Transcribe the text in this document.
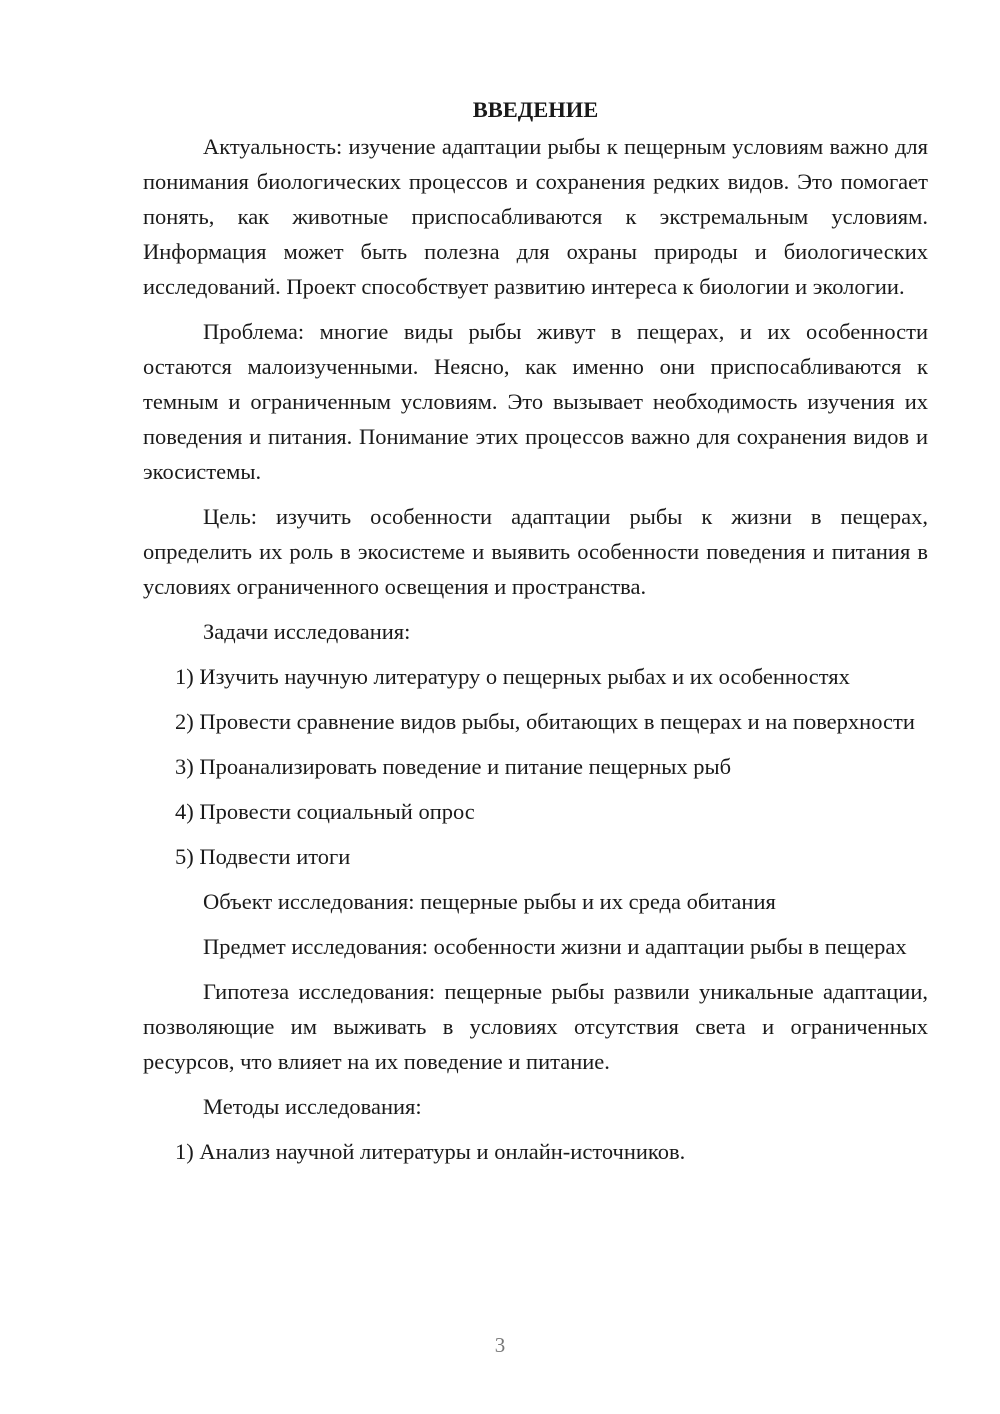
ВВЕДЕНИЕ

Актуальность: изучение адаптации рыбы к пещерным условиям важно для понимания биологических процессов и сохранения редких видов. Это помогает понять, как животные приспосабливаются к экстремальным условиям. Информация может быть полезна для охраны природы и биологических исследований. Проект способствует развитию интереса к биологии и экологии.

Проблема: многие виды рыбы живут в пещерах, и их особенности остаются малоизученными. Неясно, как именно они приспосабливаются к темным и ограниченным условиям. Это вызывает необходимость изучения их поведения и питания. Понимание этих процессов важно для сохранения видов и экосистемы.

Цель: изучить особенности адаптации рыбы к жизни в пещерах, определить их роль в экосистеме и выявить особенности поведения и питания в условиях ограниченного освещения и пространства.

Задачи исследования:

1) Изучить научную литературу о пещерных рыбах и их особенностях

2) Провести сравнение видов рыбы, обитающих в пещерах и на поверхности

3) Проанализировать поведение и питание пещерных рыб

4) Провести социальный опрос

5) Подвести итоги

Объект исследования: пещерные рыбы и их среда обитания

Предмет исследования: особенности жизни и адаптации рыбы в пещерах

Гипотеза исследования: пещерные рыбы развили уникальные адаптации, позволяющие им выживать в условиях отсутствия света и ограниченных ресурсов, что влияет на их поведение и питание.

Методы исследования:

1) Анализ научной литературы и онлайн-источников.

3
